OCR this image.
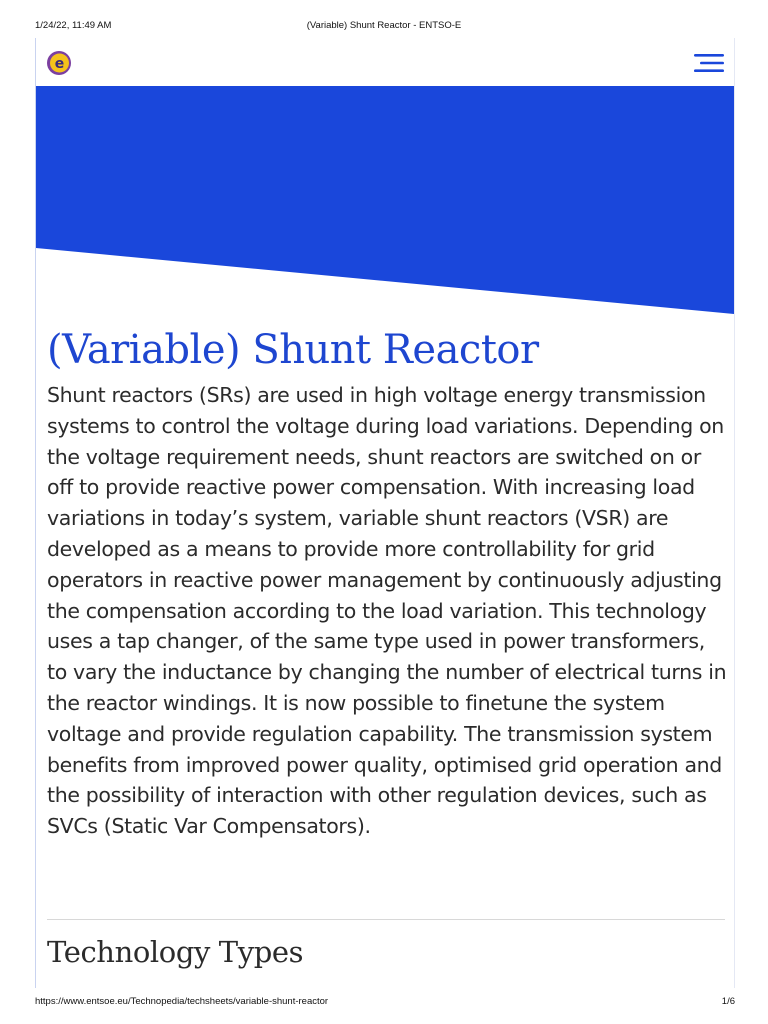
1/24/22, 11:49 AM	(Variable) Shunt Reactor - ENTSO-E
e
(Variable) Shunt Reactor

Shunt reactors (SRs) are used in high voltage energy transmission systems to control the voltage during load variations. Depending on the voltage requirement needs, shunt reactors are switched on or off to provide reactive power compensation. With increasing load variations in today’s system, variable shunt reactors (VSR) are developed as a means to provide more controllability for grid operators in reactive power management by continuously adjusting the compensation according to the load variation. This technology uses a tap changer, of the same type used in power transformers, to vary the inductance by changing the number of electrical turns in the reactor windings. It is now possible to finetune the system voltage and provide regulation capability. The transmission system benefits from improved power quality, optimised grid operation and the possibility of interaction with other regulation devices, such as SVCs (Static Var Compensators).

Technology Types
https://www.entsoe.eu/Technopedia/techsheets/variable-shunt-reactor	1/6
